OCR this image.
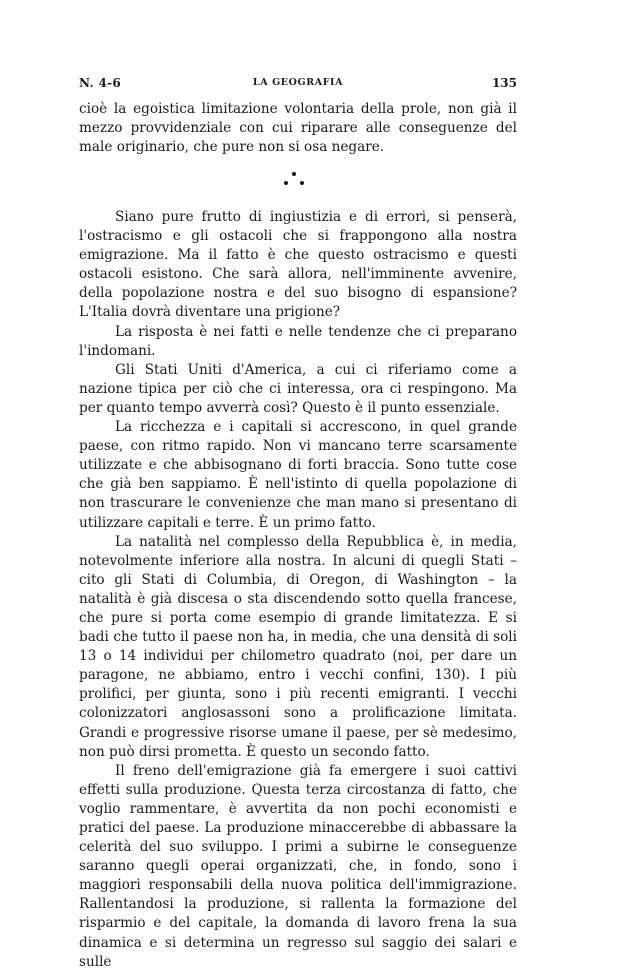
N. 4-6	LA GEOGRAFIA	135

cioè la egoistica limitazione volontaria della prole, non già il mezzo provvidenziale con cui riparare alle conseguenze del male originario, che pure non si osa negare.

Siano pure frutto di ingiustizia e di errori, si penserà, l'ostracismo e gli ostacoli che si frappongono alla nostra emigrazione. Ma il fatto è che questo ostracismo e questi ostacoli esistono. Che sarà allora, nell'imminente avvenire, della popolazione nostra e del suo bisogno di espansione? L'Italia dovrà diventare una prigione?

La risposta è nei fatti e nelle tendenze che ci preparano l'indomani.

Gli Stati Uniti d'America, a cui ci riferiamo come a nazione tipica per ciò che ci interessa, ora ci respingono. Ma per quanto tempo avverrà così? Questo è il punto essenziale.

La ricchezza e i capitali si accrescono, in quel grande paese, con ritmo rapido. Non vi mancano terre scarsamente utilizzate e che abbisognano di forti braccia. Sono tutte cose che già ben sappiamo. È nell'istinto di quella popolazione di non trascurare le convenienze che man mano si presentano di utilizzare capitali e terre. È un primo fatto.

La natalità nel complesso della Repubblica è, in media, notevolmente inferiore alla nostra. In alcuni di quegli Stati – cito gli Stati di Columbia, di Oregon, di Washington – la natalità è già discesa o sta discendendo sotto quella francese, che pure si porta come esempio di grande limitatezza. E si badi che tutto il paese non ha, in media, che una densità di soli 13 o 14 individui per chilometro quadrato (noi, per dare un paragone, ne abbiamo, entro i vecchi confini, 130). I più prolifici, per giunta, sono i più recenti emigranti. I vecchi colonizzatori anglosassoni sono a prolificazione limitata. Grandi e progressive risorse umane il paese, per sè medesimo, non può dirsi promettа. È questo un secondo fatto.

Il freno dell'emigrazione già fa emergere i suoi cattivi effetti sulla produzione. Questa terza circostanza di fatto, che voglio rammentare, è avvertita da non pochi economisti e pratici del paese. La produzione minaccerebbe di abbassare la celerità del suo sviluppo. I primi a subirne le conseguenze saranno quegli operai organizzati, che, in fondo, sono i maggiori responsabili della nuova politica dell'immigrazione. Rallentandosi la produzione, si rallenta la formazione del risparmio e del capitale, la domanda di lavoro frena la sua dinamica e si determina un regresso sul saggio dei salari e sulle
